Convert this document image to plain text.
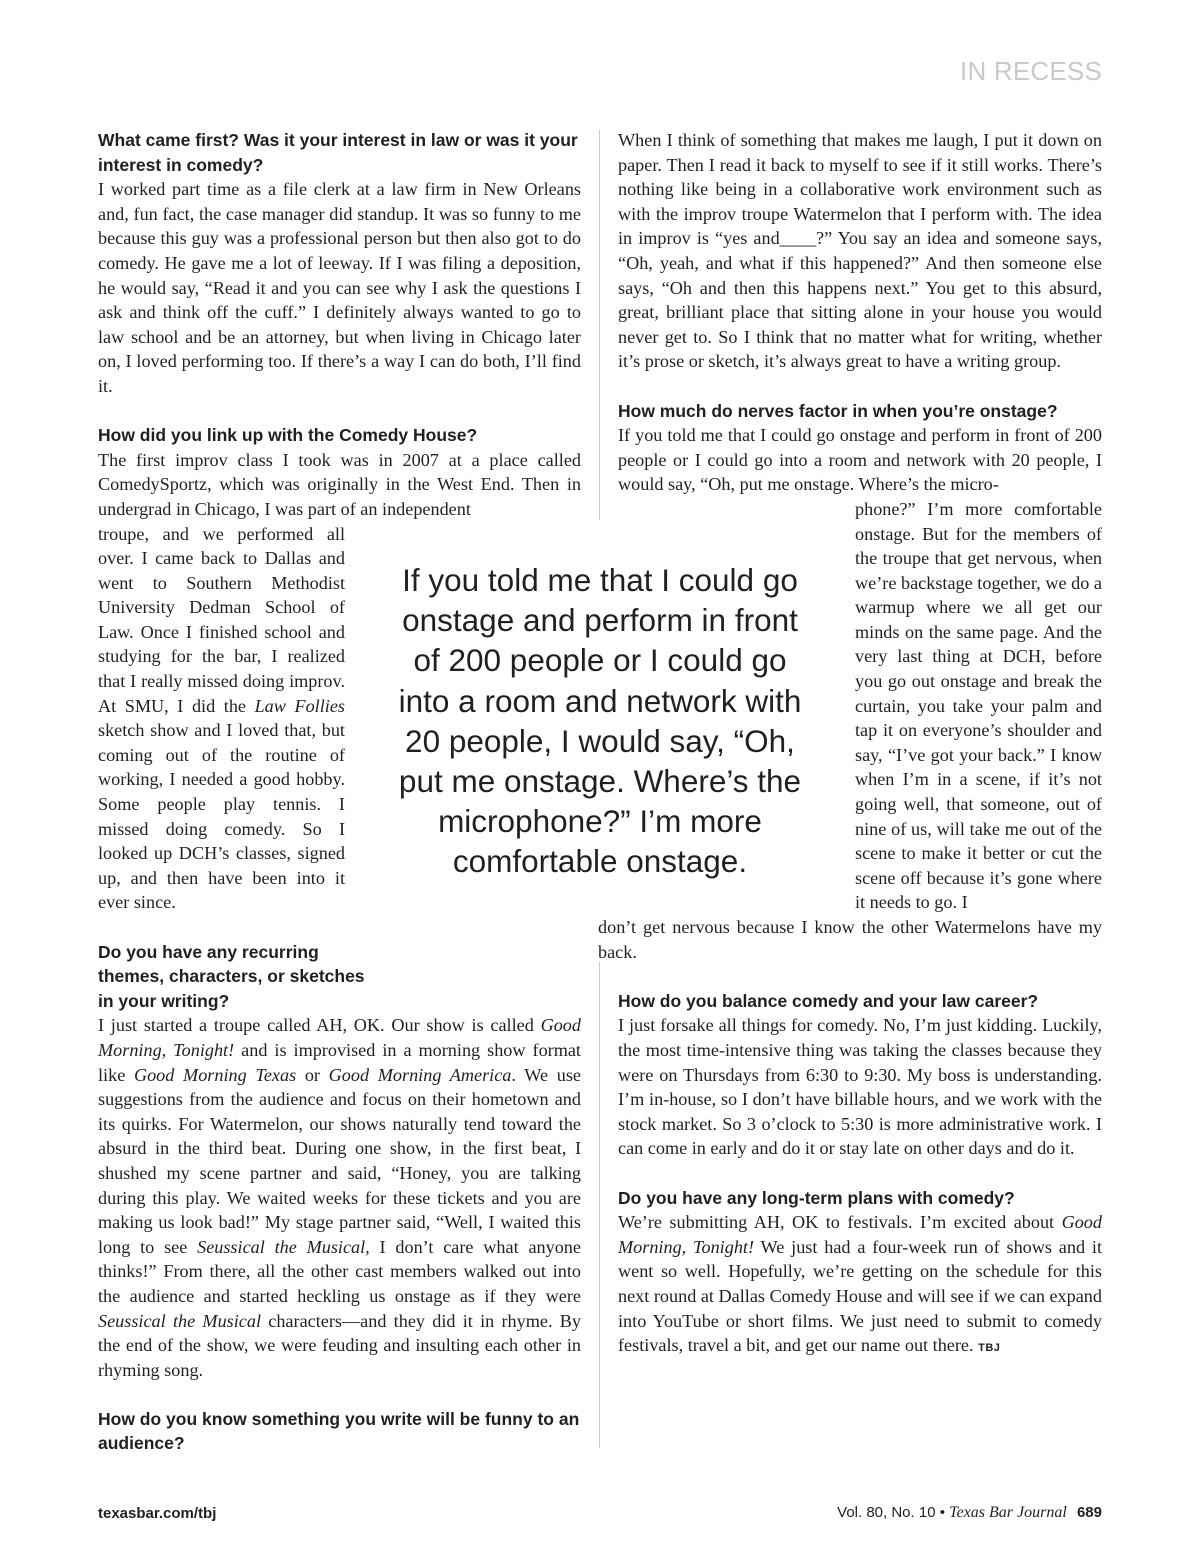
IN RECESS

What came first? Was it your interest in law or was it your interest in comedy?

I worked part time as a file clerk at a law firm in New Orleans and, fun fact, the case manager did standup. It was so funny to me because this guy was a professional person but then also got to do comedy. He gave me a lot of leeway. If I was filing a deposition, he would say, “Read it and you can see why I ask the questions I ask and think off the cuff.” I definitely always wanted to go to law school and be an attorney, but when living in Chicago later on, I loved performing too. If there’s a way I can do both, I’ll find it.

How did you link up with the Comedy House?

The first improv class I took was in 2007 at a place called ComedySportz, which was originally in the West End. Then in undergrad in Chicago, I was part of an independent

troupe, and we performed all over. I came back to Dallas and went to Southern Methodist University Dedman School of Law. Once I finished school and studying for the bar, I realized that I really missed doing improv. At SMU, I did the Law Follies sketch show and I loved that, but coming out of the routine of working, I needed a good hobby. Some people play tennis. I missed doing comedy. So I looked up DCH’s classes, signed up, and then have been into it ever since.

Do you have any recurring themes, characters, or sketches in your writing?

I just started a troupe called AH, OK. Our show is called Good Morning, Tonight! and is improvised in a morning show format like Good Morning Texas or Good Morning America. We use suggestions from the audience and focus on their hometown and its quirks. For Watermelon, our shows naturally tend toward the absurd in the third beat. During one show, in the first beat, I shushed my scene partner and said, “Honey, you are talking during this play. We waited weeks for these tickets and you are making us look bad!” My stage partner said, “Well, I waited this long to see Seussical the Musical, I don’t care what anyone thinks!” From there, all the other cast members walked out into the audience and started heckling us onstage as if they were Seussical the Musical characters—and they did it in rhyme. By the end of the show, we were feuding and insulting each other in rhyming song.

How do you know something you write will be funny to an audience?

When I think of something that makes me laugh, I put it down on paper. Then I read it back to myself to see if it still works. There’s nothing like being in a collaborative work environment such as with the improv troupe Watermelon that I perform with. The idea in improv is “yes and____?” You say an idea and someone says, “Oh, yeah, and what if this happened?” And then someone else says, “Oh and then this happens next.” You get to this absurd, great, brilliant place that sitting alone in your house you would never get to. So I think that no matter what for writing, whether it’s prose or sketch, it’s always great to have a writing group.

How much do nerves factor in when you’re onstage?

If you told me that I could go onstage and perform in front of 200 people or I could go into a room and network with 20 people, I would say, “Oh, put me onstage. Where’s the micro-

phone?” I’m more comfortable onstage. But for the members of the troupe that get nervous, when we’re backstage together, we do a warmup where we all get our minds on the same page. And the very last thing at DCH, before you go out onstage and break the curtain, you take your palm and tap it on everyone’s shoulder and say, “I’ve got your back.” I know when I’m in a scene, if it’s not going well, that someone, out of nine of us, will take me out of the scene to make it better or cut the scene off because it’s gone where it needs to go. I

don’t get nervous because I know the other Watermelons have my back.

How do you balance comedy and your law career?

I just forsake all things for comedy. No, I’m just kidding. Luckily, the most time-intensive thing was taking the classes because they were on Thursdays from 6:30 to 9:30. My boss is understanding. I’m in-house, so I don’t have billable hours, and we work with the stock market. So 3 o’clock to 5:30 is more administrative work. I can come in early and do it or stay late on other days and do it.

Do you have any long-term plans with comedy?

We’re submitting AH, OK to festivals. I’m excited about Good Morning, Tonight! We just had a four-week run of shows and it went so well. Hopefully, we’re getting on the schedule for this next round at Dallas Comedy House and will see if we can expand into YouTube or short films. We just need to submit to comedy festivals, travel a bit, and get our name out there. TBJ

If you told me that I could go onstage and perform in front of 200 people or I could go into a room and network with 20 people, I would say, “Oh, put me onstage. Where’s the microphone?” I’m more comfortable onstage.
texasbar.com/tbj	Vol. 80, No. 10 • Texas Bar Journal 689
